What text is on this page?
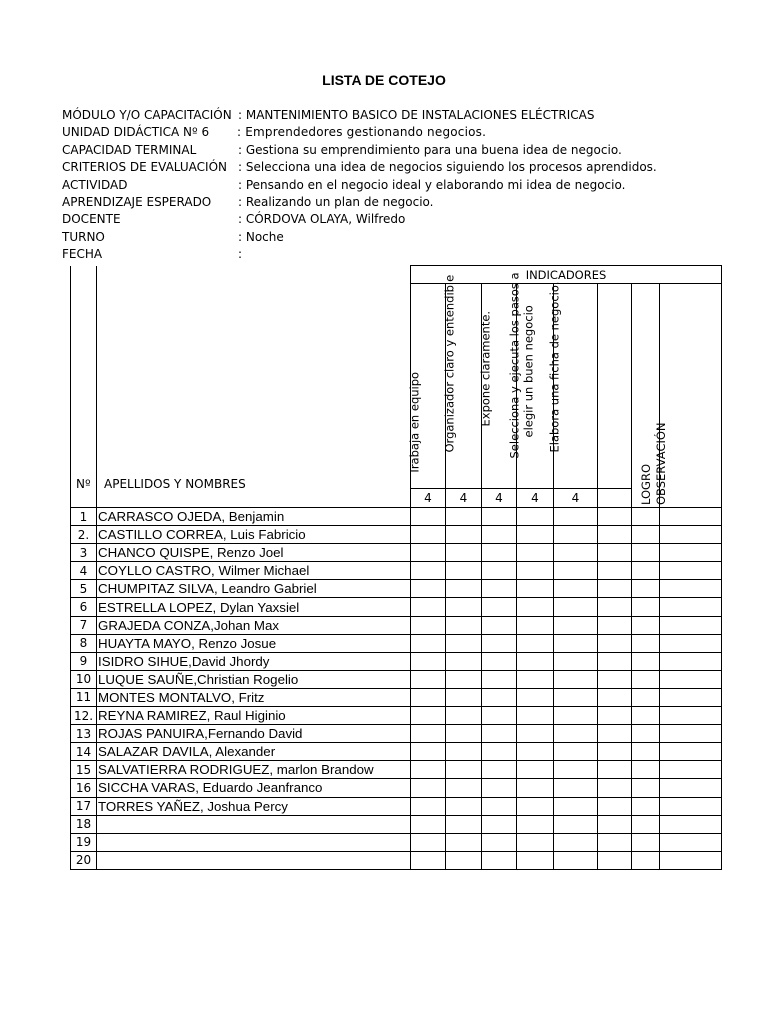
LISTA DE COTEJO
MÓDULO Y/O CAPACITACIÓN : MANTENIMIENTO BASICO DE INSTALACIONES ELÉCTRICAS
UNIDAD DIDÁCTICA Nº 6 : Emprendedores gestionando negocios.
CAPACIDAD TERMINAL	: Gestiona su emprendimiento para una buena idea de negocio.
CRITERIOS DE EVALUACIÓN : Selecciona una idea de negocios siguiendo los procesos aprendidos.
ACTIVIDAD	: Pensando en el negocio ideal y elaborando mi idea de negocio.
APRENDIZAJE ESPERADO : Realizando un plan de negocio.
DOCENTE	: CÓRDOVA OLAYA, Wilfredo
TURNO	: Noche
FECHA	:
Nº	APELLIDOS Y NOMBRES	INDICADORES							

		Trabaja en equipo	Organizador claro y entendible	Expone claramente.	Selecciona y ejecuta los pasos a elegir un buen negocio	Elabora una ficha de negocio.		LOGRO	OBSERVACIÓN

		4	4	4	4	4			
1	CARRASCO OJEDA, Benjamin								
2.	CASTILLO CORREA, Luis Fabricio								
3	CHANCO QUISPE, Renzo Joel								
4	COYLLO CASTRO, Wilmer Michael								
5	CHUMPITAZ SILVA, Leandro Gabriel								
6	ESTRELLA LOPEZ, Dylan Yaxsiel								
7	GRAJEDA CONZA,Johan Max								
8	HUAYTA MAYO, Renzo Josue								
9	ISIDRO SIHUE,David Jhordy								
10	LUQUE SAUÑE,Christian Rogelio								
11	MONTES MONTALVO, Fritz								
12.	REYNA RAMIREZ, Raul Higinio								
13	ROJAS PANUIRA,Fernando David								
14	SALAZAR DAVILA, Alexander								
15	SALVATIERRA RODRIGUEZ, marlon Brandow								
16	SICCHA VARAS, Eduardo Jeanfranco								
17	TORRES YAÑEZ, Joshua Percy								
18									
19									
20									
